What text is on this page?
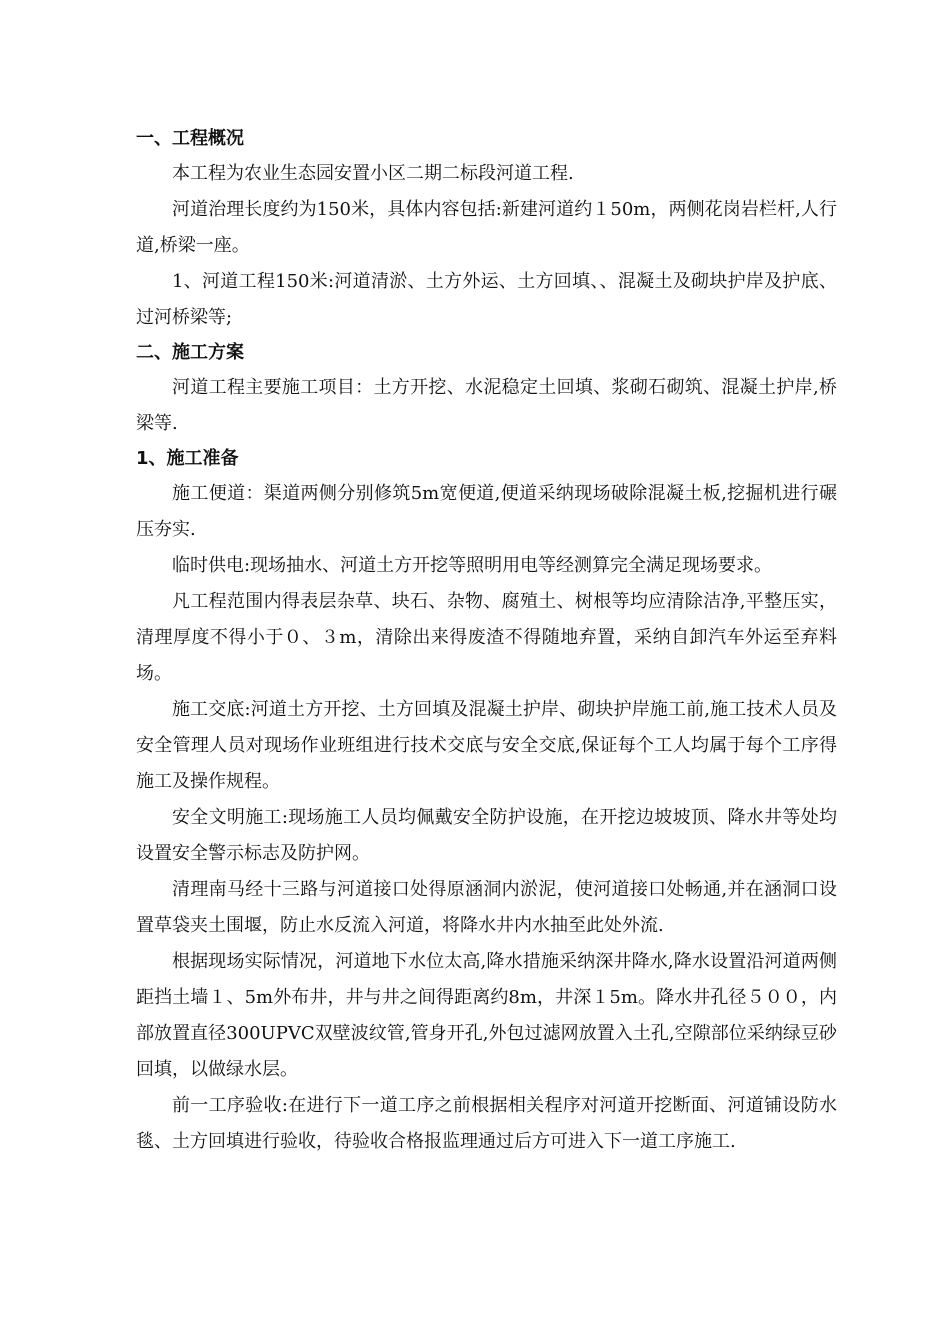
一、工程概况

本工程为农业生态园安置小区二期二标段河道工程.

河道治理长度约为150米，具体内容包括:新建河道约１50m，两侧花岗岩栏杆,人行道,桥梁一座。

1、河道工程150米:河道清淤、土方外运、土方回填、、混凝土及砌块护岸及护底、过河桥梁等;

二、施工方案

河道工程主要施工项目：土方开挖、水泥稳定土回填、浆砌石砌筑、混凝土护岸,桥梁等.

1、施工准备

施工便道：渠道两侧分别修筑5m宽便道,便道采纳现场破除混凝土板,挖掘机进行碾压夯实.

临时供电:现场抽水、河道土方开挖等照明用电等经测算完全满足现场要求。

凡工程范围内得表层杂草、块石、杂物、腐殖土、树根等均应清除洁净,平整压实，清理厚度不得小于０、３m，清除出来得废渣不得随地弃置，采纳自卸汽车外运至弃料场。

施工交底:河道土方开挖、土方回填及混凝土护岸、砌块护岸施工前,施工技术人员及安全管理人员对现场作业班组进行技术交底与安全交底,保证每个工人均属于每个工序得施工及操作规程。

安全文明施工:现场施工人员均佩戴安全防护设施，在开挖边坡坡顶、降水井等处均设置安全警示标志及防护网。

清理南马经十三路与河道接口处得原涵洞内淤泥，使河道接口处畅通,并在涵洞口设置草袋夹土围堰，防止水反流入河道，将降水井内水抽至此处外流.

根据现场实际情况，河道地下水位太高,降水措施采纳深井降水,降水设置沿河道两侧距挡土墙１、5m外布井，井与井之间得距离约8m，井深１5m。降水井孔径５００，内部放置直径300UPVC双壁波纹管,管身开孔,外包过滤网放置入土孔,空隙部位采纳绿豆砂回填，以做绿水层。

前一工序验收:在进行下一道工序之前根据相关程序对河道开挖断面、河道铺设防水毯、土方回填进行验收，待验收合格报监理通过后方可进入下一道工序施工.
